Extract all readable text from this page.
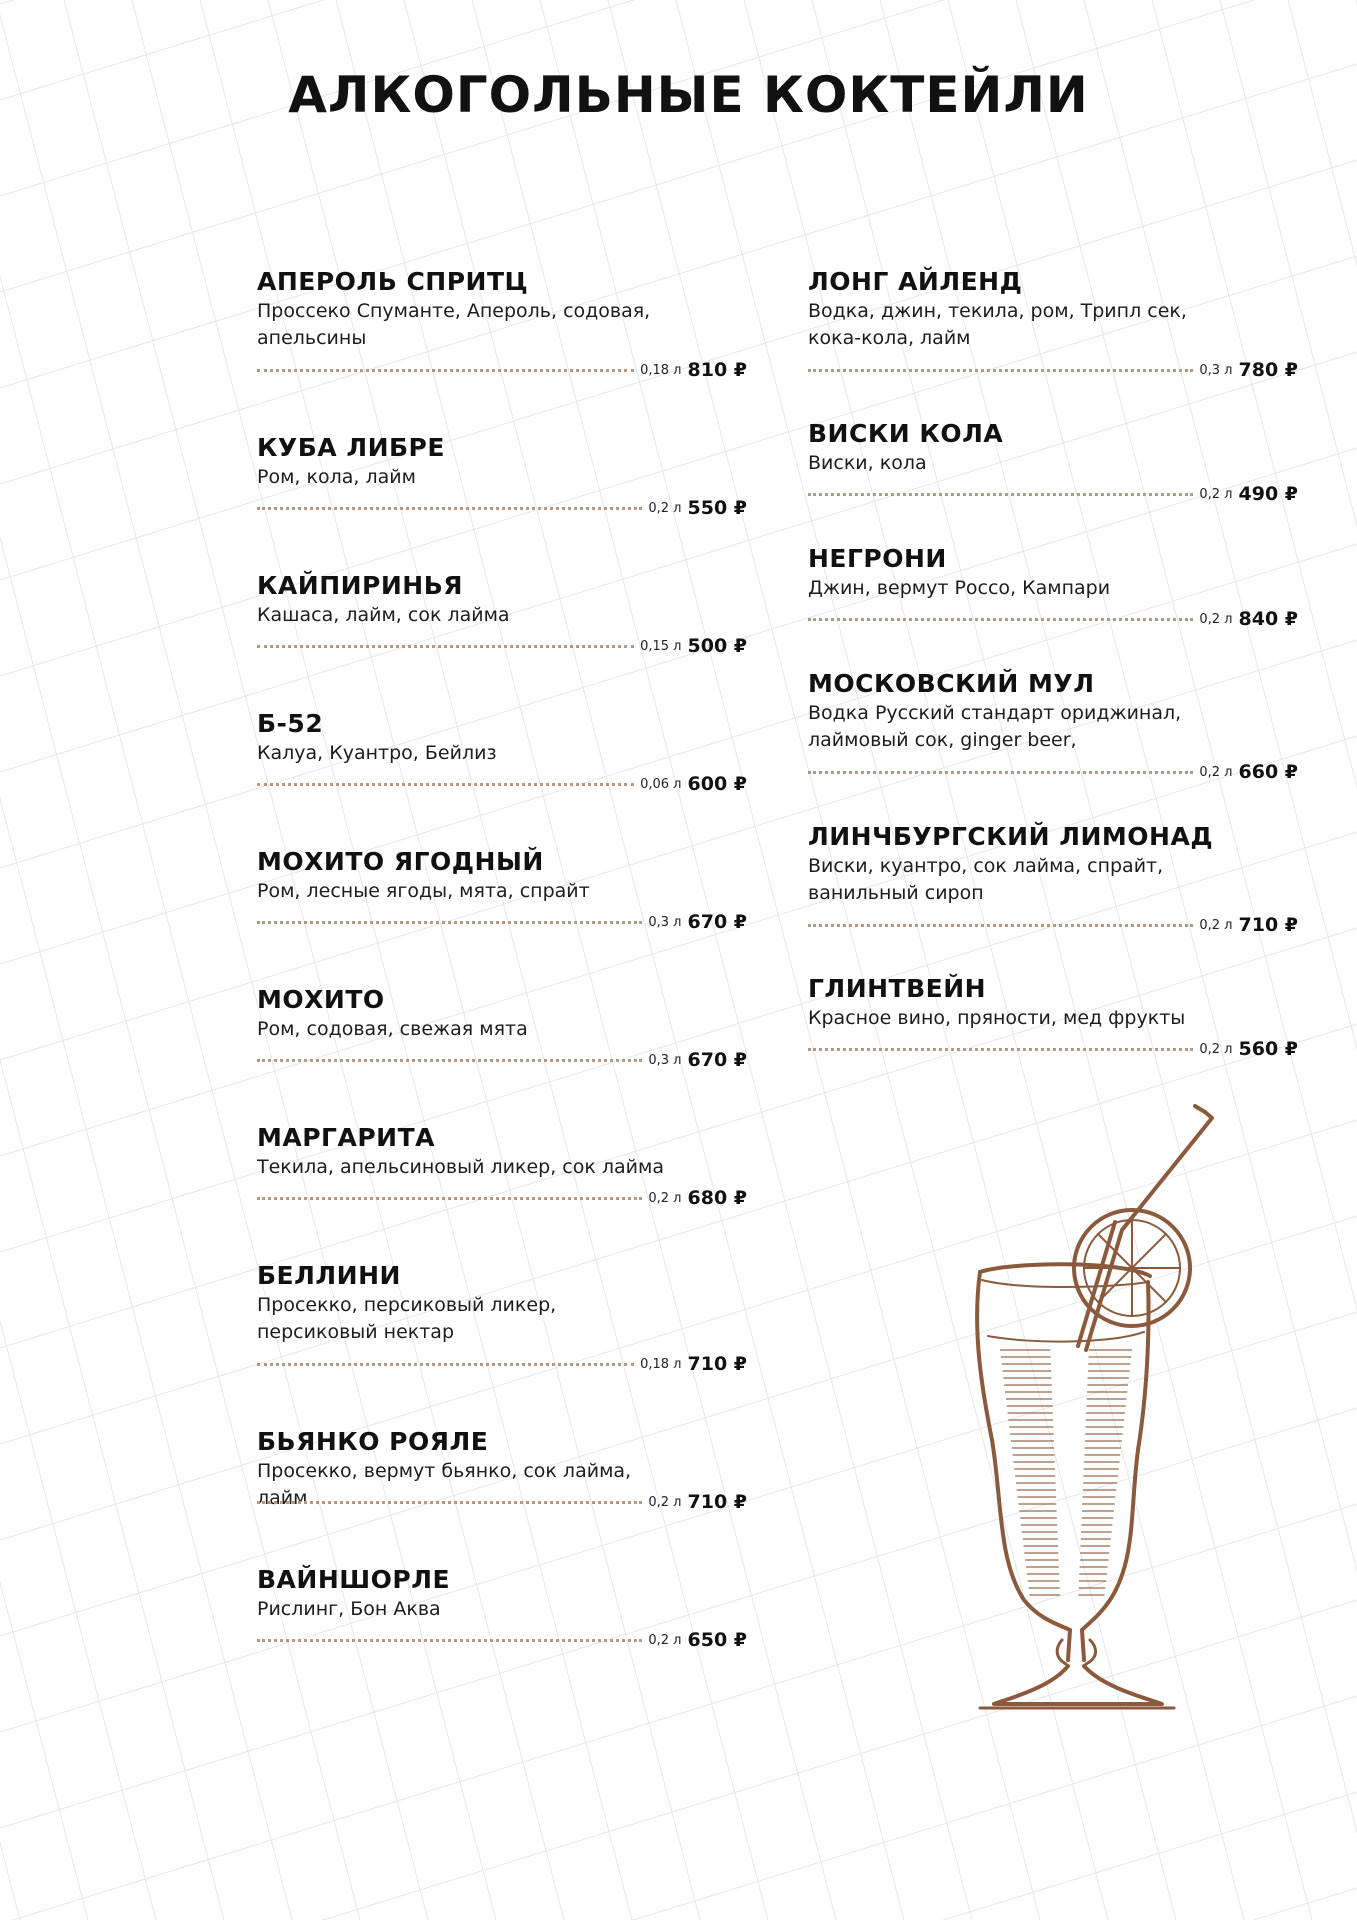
АЛКОГОЛЬНЫЕ КОКТЕЙЛИ
АПЕРОЛЬ СПРИТЦ
Проссеко Спуманте, Апероль, содовая, апельсины
0,18 л 810 ₽
КУБА ЛИБРЕ
Ром, кола, лайм
0,2 л 550 ₽
КАЙПИРИНЬЯ
Кашаса, лайм, сок лайма
0,15 л 500 ₽
Б-52
Калуа, Куантро, Бейлиз
0,06 л 600 ₽
МОХИТО ЯГОДНЫЙ
Ром, лесные ягоды, мята, спрайт
0,3 л 670 ₽
МОХИТО
Ром, содовая, свежая мята
0,3 л 670 ₽
МАРГАРИТА
Текила, апельсиновый ликер, сок лайма
0,2 л 680 ₽
БЕЛЛИНИ
Просекко, персиковый ликер, персиковый нектар
0,18 л 710 ₽
БЬЯНКО РОЯЛЕ
Просекко, вермут бьянко, сок лайма, лайм	0,2 л 710 ₽
ВАЙНШОРЛЕ
Рислинг, Бон Аква
0,2 л 650 ₽
ЛОНГ АЙЛЕНД
Водка, джин, текила, ром, Трипл сек, кока-кола, лайм
0,3 л 780 ₽
ВИСКИ КОЛА
Виски, кола
0,2 л 490 ₽
НЕГРОНИ
Джин, вермут Россо, Кампари
0,2 л 840 ₽
МОСКОВСКИЙ МУЛ
Водка Русский стандарт ориджинал, лаймовый сок, ginger beer,
0,2 л 660 ₽
ЛИНЧБУРГСКИЙ ЛИМОНАД
Виски, куантро, сок лайма, спрайт, ванильный сироп
0,2 л 710 ₽
ГЛИНТВЕЙН
Красное вино, пряности, мед фрукты
0,2 л 560 ₽
